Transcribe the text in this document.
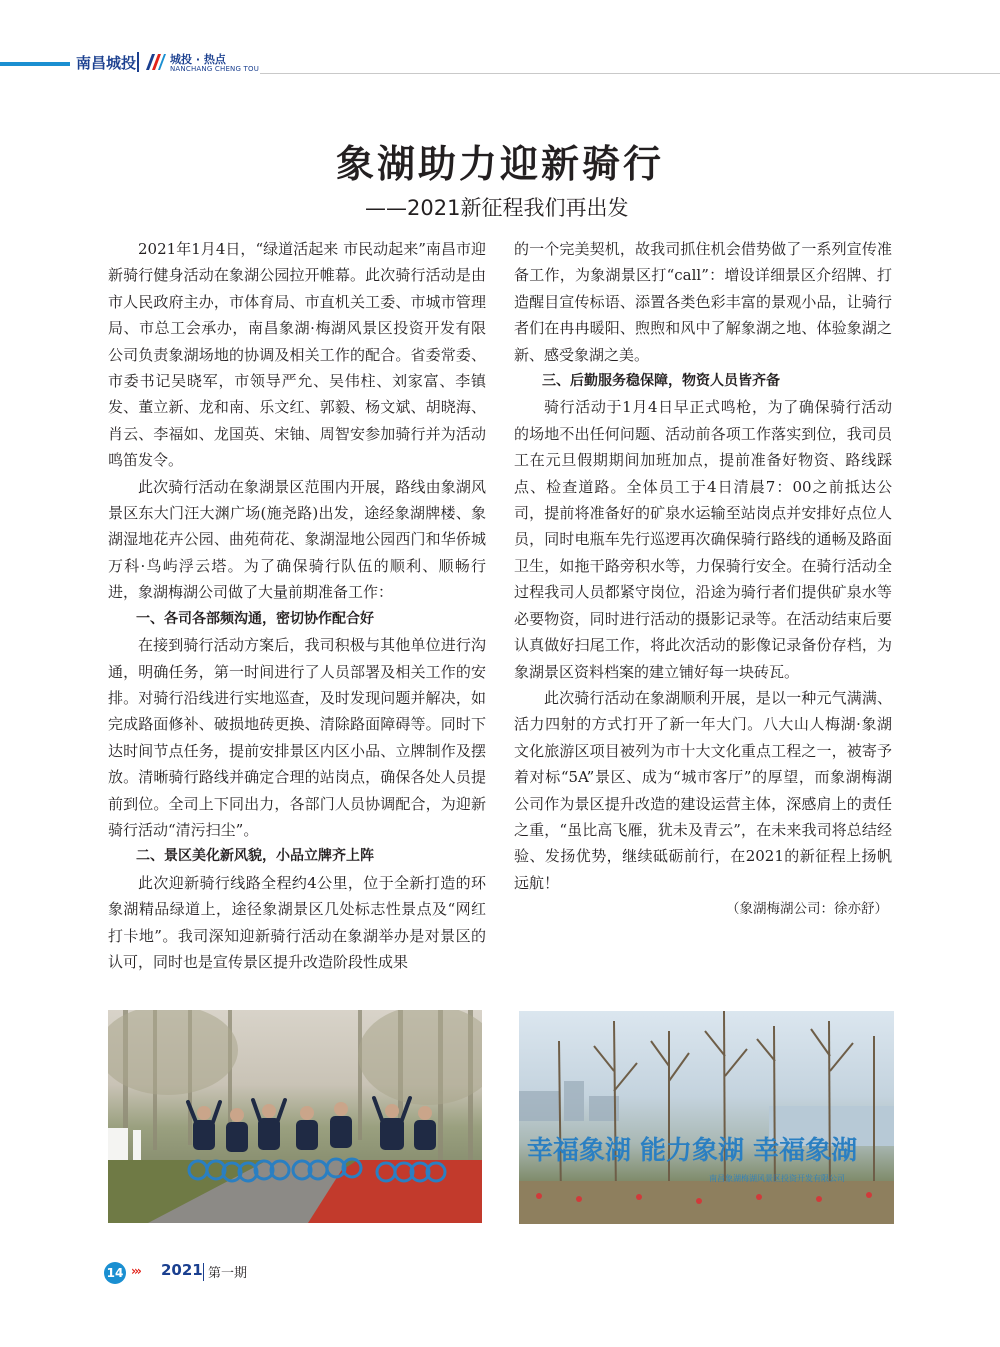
南昌城投	城投 · 热点
NANCHANG CHENG TOU
象湖助力迎新骑行
——2021新征程我们再出发

2021年1月4日，“绿道活起来 市民动起来”南昌市迎新骑行健身活动在象湖公园拉开帷幕。此次骑行活动是由市人民政府主办，市体育局、市直机关工委、市城市管理局、市总工会承办，南昌象湖·梅湖风景区投资开发有限公司负责象湖场地的协调及相关工作的配合。省委常委、市委书记吴晓军，市领导严允、吴伟柱、刘家富、李镇发、董立新、龙和南、乐文红、郭毅、杨文斌、胡晓海、肖云、李福如、龙国英、宋铀、周智安参加骑行并为活动鸣笛发令。

此次骑行活动在象湖景区范围内开展，路线由象湖风景区东大门汪大渊广场(施尧路)出发，途经象湖牌楼、象湖湿地花卉公园、曲苑荷花、象湖湿地公园西门和华侨城万科·鸟屿浮云塔。为了确保骑行队伍的顺利、顺畅行进，象湖梅湖公司做了大量前期准备工作：

一、各司各部频沟通，密切协作配合好

在接到骑行活动方案后，我司积极与其他单位进行沟通，明确任务，第一时间进行了人员部署及相关工作的安排。对骑行沿线进行实地巡查，及时发现问题并解决，如完成路面修补、破损地砖更换、清除路面障碍等。同时下达时间节点任务，提前安排景区内区小品、立牌制作及摆放。清晰骑行路线并确定合理的站岗点，确保各处人员提前到位。全司上下同出力，各部门人员协调配合，为迎新骑行活动“清污扫尘”。

二、景区美化新风貌，小品立牌齐上阵

此次迎新骑行线路全程约4公里，位于全新打造的环象湖精品绿道上，途径象湖景区几处标志性景点及“网红打卡地”。我司深知迎新骑行活动在象湖举办是对景区的认可，同时也是宣传景区提升改造阶段性成果

的一个完美契机，故我司抓住机会借势做了一系列宣传准备工作，为象湖景区打“call”：增设详细景区介绍牌、打造醒目宣传标语、添置各类色彩丰富的景观小品，让骑行者们在冉冉暖阳、煦煦和风中了解象湖之地、体验象湖之新、感受象湖之美。

三、后勤服务稳保障，物资人员皆齐备

骑行活动于1月4日早正式鸣枪，为了确保骑行活动的场地不出任何问题、活动前各项工作落实到位，我司员工在元旦假期期间加班加点，提前准备好物资、路线踩点、检查道路。全体员工于4日清晨7：00之前抵达公司，提前将准备好的矿泉水运输至站岗点并安排好点位人员，同时电瓶车先行巡逻再次确保骑行路线的通畅及路面卫生，如拖干路旁积水等，力保骑行安全。在骑行活动全过程我司人员都紧守岗位，沿途为骑行者们提供矿泉水等必要物资，同时进行活动的摄影记录等。在活动结束后要认真做好扫尾工作，将此次活动的影像记录备份存档，为象湖景区资料档案的建立铺好每一块砖瓦。

此次骑行活动在象湖顺利开展，是以一种元气满满、活力四射的方式打开了新一年大门。八大山人梅湖·象湖文化旅游区项目被列为市十大文化重点工程之一，被寄予着对标“5A”景区、成为“城市客厅”的厚望，而象湖梅湖公司作为景区提升改造的建设运营主体，深感肩上的责任之重，“虽比高飞雁，犹未及青云”，在未来我司将总结经验、发扬优势，继续砥砺前行，在2021的新征程上扬帆远航！

（象湖梅湖公司：徐亦舒）

幸福象湖 能力象湖 幸福象湖
南昌象湖梅湖风景区投资开发有限公司
14 ››› 2021 第一期
